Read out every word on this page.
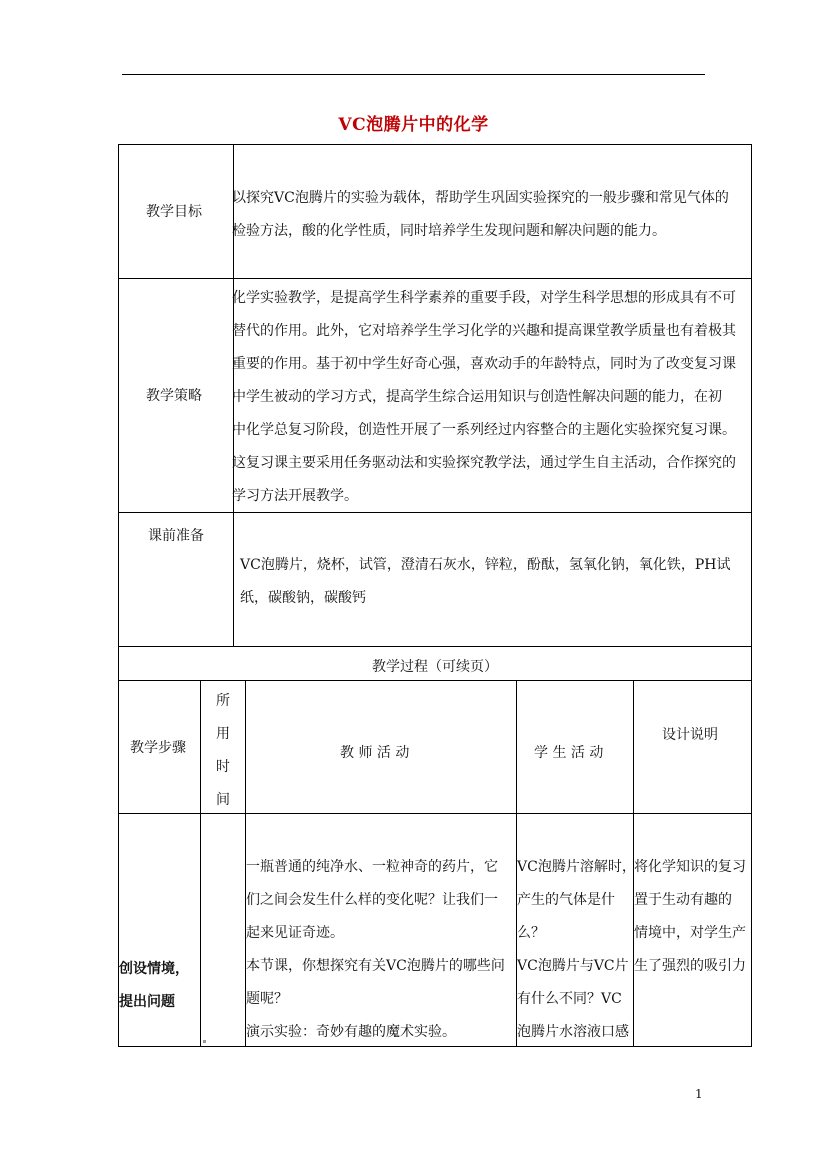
VC泡腾片中的化学
教学目标
以探究VC泡腾片的实验为载体，帮助学生巩固实验探究的一般步骤和常见气体的
检验方法，酸的化学性质，同时培养学生发现问题和解决问题的能力。
教学策略
化学实验教学，是提高学生科学素养的重要手段，对学生科学思想的形成具有不可
替代的作用。此外，它对培养学生学习化学的兴趣和提高课堂教学质量也有着极其
重要的作用。基于初中学生好奇心强，喜欢动手的年龄特点，同时为了改变复习课
中学生被动的学习方式，提高学生综合运用知识与创造性解决问题的能力，在初
中化学总复习阶段，创造性开展了一系列经过内容整合的主题化实验探究复习课。
这复习课主要采用任务驱动法和实验探究教学法，通过学生自主活动，合作探究的
学习方法开展教学。
课前准备
VC泡腾片，烧杯，试管，澄清石灰水，锌粒，酚酞，氢氧化钠，氧化铁，PH试
纸，碳酸钠，碳酸钙
教学过程（可续页）
教学步骤
所
用
时
间
教 师 活 动	学 生 活 动
设计说明
创设情境，
提出问题
一瓶普通的纯净水、一粒神奇的药片，它
们之间会发生什么样的变化呢？让我们一
起来见证奇迹。
本节课，你想探究有关VC泡腾片的哪些问
题呢？
演示实验：奇妙有趣的魔术实验。
VC泡腾片溶解时，
产生的气体是什
么？
VC泡腾片与VC片
有什么不同？VC
泡腾片水溶液口感
将化学知识的复习
置于生动有趣的
情境中，对学生产
生了强烈的吸引力
1
